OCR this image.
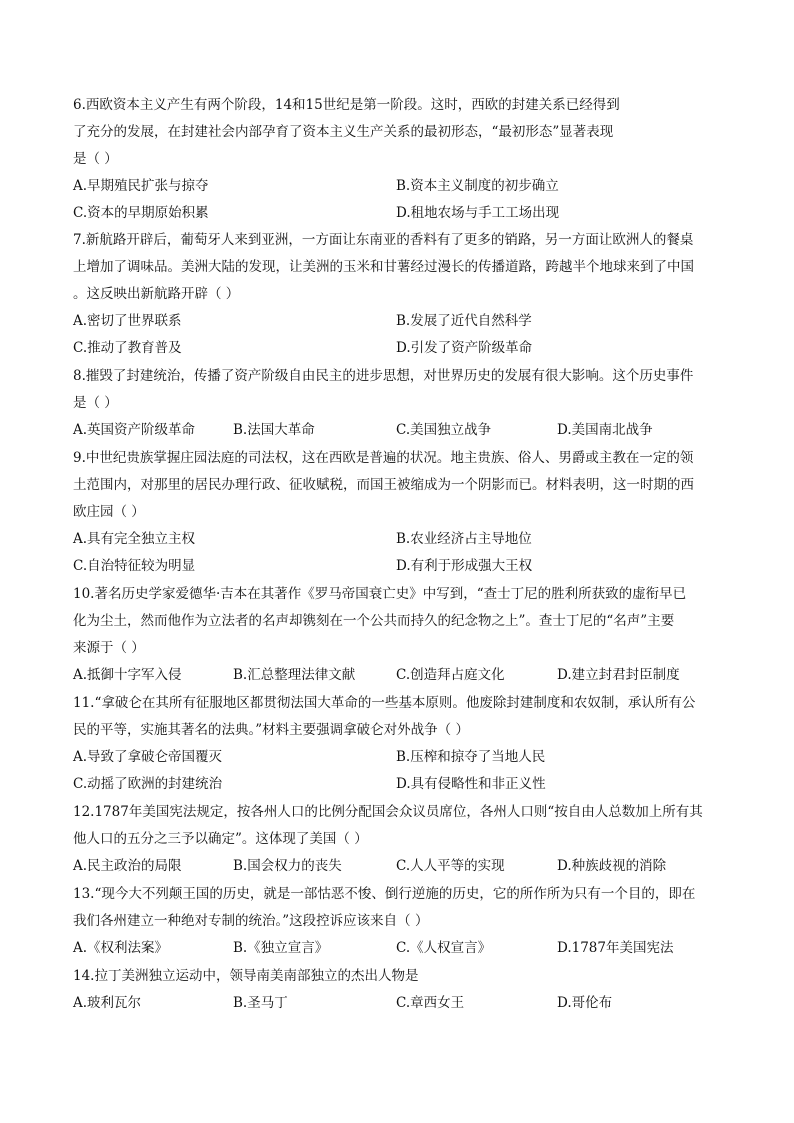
6.西欧资本主义产生有两个阶段，14和15世纪是第一阶段。这时，西欧的封建关系已经得到
了充分的发展，在封建社会内部孕育了资本主义生产关系的最初形态，“最初形态”显著表现
是（ ）
A.早期殖民扩张与掠夺	B.资本主义制度的初步确立
C.资本的早期原始积累	D.租地农场与手工工场出现
7.新航路开辟后，葡萄牙人来到亚洲，一方面让东南亚的香料有了更多的销路，另一方面让欧洲人的餐桌
上增加了调味品。美洲大陆的发现，让美洲的玉米和甘薯经过漫长的传播道路，跨越半个地球来到了中国
。这反映出新航路开辟（ ）
A.密切了世界联系	B.发展了近代自然科学
C.推动了教育普及	D.引发了资产阶级革命
8.摧毁了封建统治，传播了资产阶级自由民主的进步思想，对世界历史的发展有很大影响。这个历史事件
是（ ）
A.英国资产阶级革命	B.法国大革命	C.美国独立战争	D.美国南北战争
9.中世纪贵族掌握庄园法庭的司法权，这在西欧是普遍的状况。地主贵族、俗人、男爵或主教在一定的领
土范围内，对那里的居民办理行政、征收赋税，而国王被缩成为一个阴影而已。材料表明，这一时期的西
欧庄园（ ）
A.具有完全独立主权	B.农业经济占主导地位
C.自治特征较为明显	D.有利于形成强大王权
10.著名历史学家爱德华·吉本在其著作《罗马帝国衰亡史》中写到，“查士丁尼的胜利所获致的虚衔早已
化为尘土，然而他作为立法者的名声却镌刻在一个公共而持久的纪念物之上”。查士丁尼的“名声”主要
来源于（ ）
A.抵御十字军入侵	B.汇总整理法律文献	C.创造拜占庭文化	D.建立封君封臣制度
11.“拿破仑在其所有征服地区都贯彻法国大革命的一些基本原则。他废除封建制度和农奴制，承认所有公
民的平等，实施其著名的法典。”材料主要强调拿破仑对外战争（ ）
A.导致了拿破仑帝国覆灭	B.压榨和掠夺了当地人民
C.动摇了欧洲的封建统治	D.具有侵略性和非正义性
12.1787年美国宪法规定，按各州人口的比例分配国会众议员席位，各州人口则“按自由人总数加上所有其
他人口的五分之三予以确定”。这体现了美国（ ）
A.民主政治的局限	B.国会权力的丧失	C.人人平等的实现	D.种族歧视的消除
13.“现今大不列颠王国的历史，就是一部怙恶不悛、倒行逆施的历史，它的所作所为只有一个目的，即在
我们各州建立一种绝对专制的统治。”这段控诉应该来自（ ）
A.《权利法案》	B.《独立宣言》	C.《人权宣言》	D.1787年美国宪法
14.拉丁美洲独立运动中，领导南美南部独立的杰出人物是
A.玻利瓦尔	B.圣马丁	C.章西女王	D.哥伦布
